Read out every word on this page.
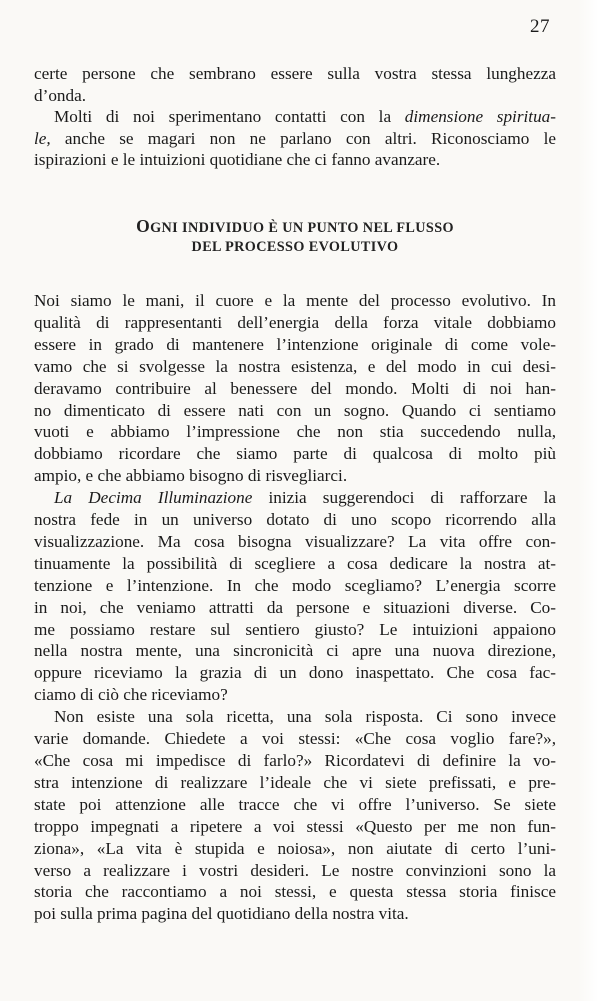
27
certe persone che sembrano essere sulla vostra stessa lunghezza
d’onda.
Molti di noi sperimentano contatti con la dimensione spiritua-
le, anche se magari non ne parlano con altri. Riconosciamo le
ispirazioni e le intuizioni quotidiane che ci fanno avanzare.
OGNI INDIVIDUO È UN PUNTO NEL FLUSSO
DEL PROCESSO EVOLUTIVO
Noi siamo le mani, il cuore e la mente del processo evolutivo. In
qualità di rappresentanti dell’energia della forza vitale dobbiamo
essere in grado di mantenere l’intenzione originale di come vole-
vamo che si svolgesse la nostra esistenza, e del modo in cui desi-
deravamo contribuire al benessere del mondo. Molti di noi han-
no dimenticato di essere nati con un sogno. Quando ci sentiamo
vuoti e abbiamo l’impressione che non stia succedendo nulla,
dobbiamo ricordare che siamo parte di qualcosa di molto più
ampio, e che abbiamo bisogno di risvegliarci.
La Decima Illuminazione inizia suggerendoci di rafforzare la
nostra fede in un universo dotato di uno scopo ricorrendo alla
visualizzazione. Ma cosa bisogna visualizzare? La vita offre con-
tinuamente la possibilità di scegliere a cosa dedicare la nostra at-
tenzione e l’intenzione. In che modo scegliamo? L’energia scorre
in noi, che veniamo attratti da persone e situazioni diverse. Co-
me possiamo restare sul sentiero giusto? Le intuizioni appaiono
nella nostra mente, una sincronicità ci apre una nuova direzione,
oppure riceviamo la grazia di un dono inaspettato. Che cosa fac-
ciamo di ciò che riceviamo?
Non esiste una sola ricetta, una sola risposta. Ci sono invece
varie domande. Chiedete a voi stessi: «Che cosa voglio fare?»,
«Che cosa mi impedisce di farlo?» Ricordatevi di definire la vo-
stra intenzione di realizzare l’ideale che vi siete prefissati, e pre-
state poi attenzione alle tracce che vi offre l’universo. Se siete
troppo impegnati a ripetere a voi stessi «Questo per me non fun-
ziona», «La vita è stupida e noiosa», non aiutate di certo l’uni-
verso a realizzare i vostri desideri. Le nostre convinzioni sono la
storia che raccontiamo a noi stessi, e questa stessa storia finisce
poi sulla prima pagina del quotidiano della nostra vita.
